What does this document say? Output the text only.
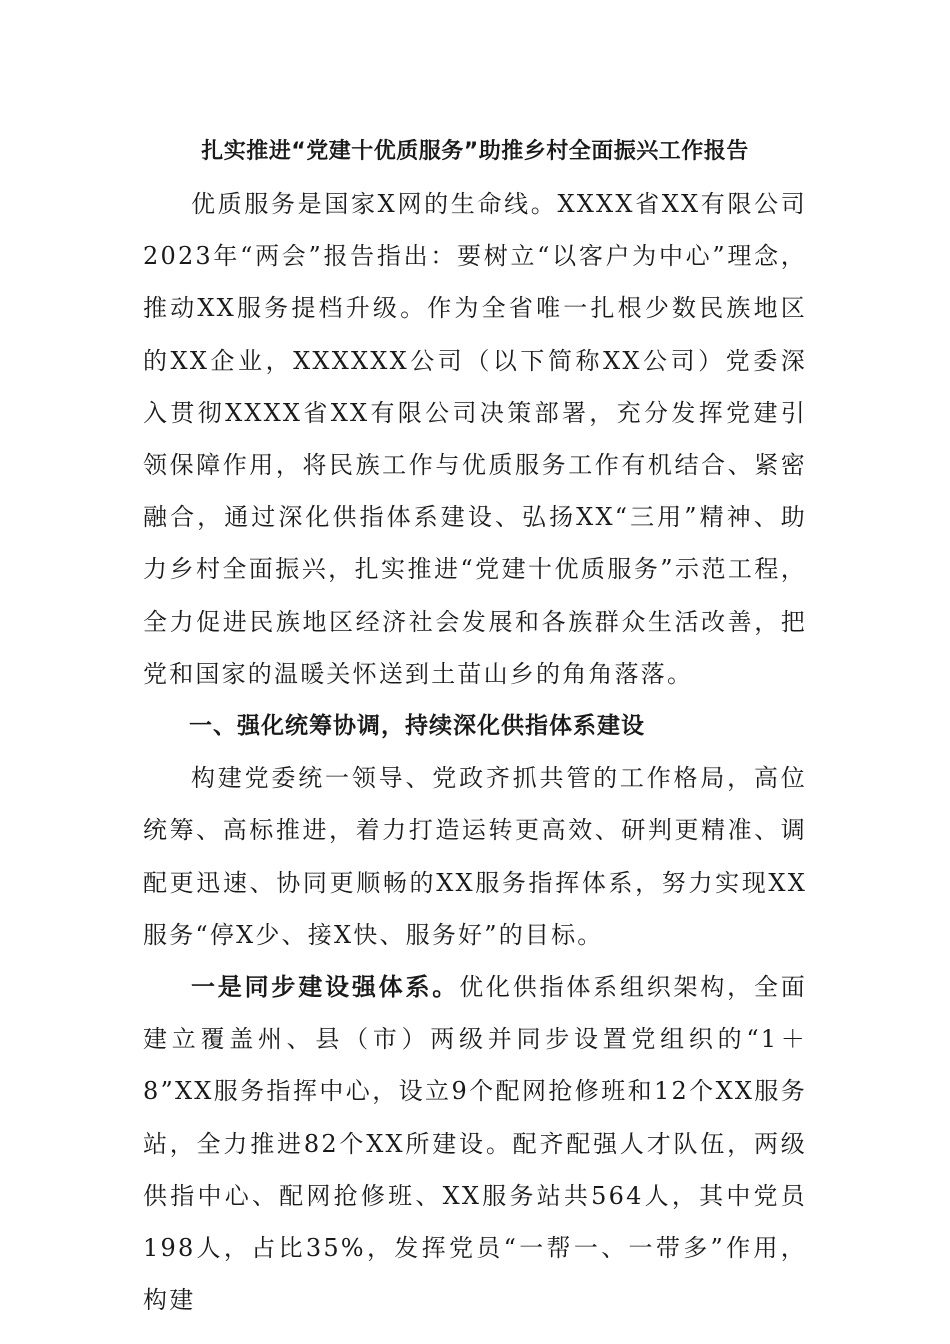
扎实推进“党建十优质服务”助推乡村全面振兴工作报告

优质服务是国家X网的生命线。XXXX省XX有限公司2023年“两会”报告指出：要树立“以客户为中心”理念，推动XX服务提档升级。作为全省唯一扎根少数民族地区的XX企业，XXXXXX公司（以下简称XX公司）党委深入贯彻XXXX省XX有限公司决策部署，充分发挥党建引领保障作用，将民族工作与优质服务工作有机结合、紧密融合，通过深化供指体系建设、弘扬XX“三用”精神、助力乡村全面振兴，扎实推进“党建十优质服务”示范工程，全力促进民族地区经济社会发展和各族群众生活改善，把党和国家的温暖关怀送到土苗山乡的角角落落。

一、强化统筹协调，持续深化供指体系建设

构建党委统一领导、党政齐抓共管的工作格局，高位统筹、高标推进，着力打造运转更高效、研判更精准、调配更迅速、协同更顺畅的XX服务指挥体系，努力实现XX服务“停X少、接X快、服务好”的目标。

一是同步建设强体系。优化供指体系组织架构，全面建立覆盖州、县（市）两级并同步设置党组织的“1＋8”XX服务指挥中心，设立9个配网抢修班和12个XX服务站，全力推进82个XX所建设。配齐配强人才队伍，两级供指中心、配网抢修班、XX服务站共564人，其中党员198人，占比35%，发挥党员“一帮一、一带多”作用，构建
